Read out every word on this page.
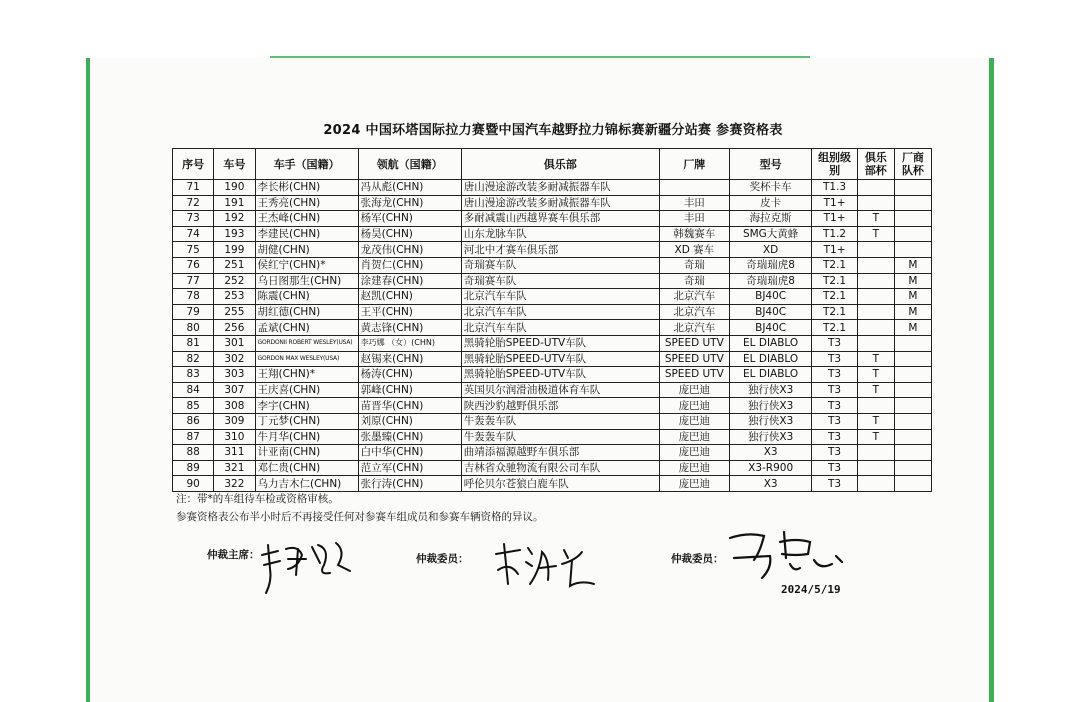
2024 中国环塔国际拉力赛暨中国汽车越野拉力锦标赛新疆分站赛 参赛资格表
序号	车号	车手（国籍）	领航（国籍）	俱乐部	厂牌	型号	组别级别	俱乐部杯	厂商队杯
71	190	李长彬(CHN)	冯从彪(CHN)	唐山漫途游改装多耐减振器车队		奖杯卡车	T1.3		
72	191	王秀亮(CHN)	张海龙(CHN)	唐山漫途游改装多耐减振器车队	丰田	皮卡	T1+		
73	192	王杰峰(CHN)	杨军(CHN)	多耐减震山西越界赛车俱乐部	丰田	海拉克斯	T1+	T	
74	193	李建民(CHN)	杨昊(CHN)	山东龙脉车队	韩魏赛车	SMG大黄蜂	T1.2	T	
75	199	胡健(CHN)	龙茂伟(CHN)	河北中才赛车俱乐部	XD 赛车	XD	T1+		
76	251	侯红宁(CHN)*	肖贺仁(CHN)	奇瑞赛车队	奇瑞	奇瑞瑞虎8	T2.1		M
77	252	乌日图那生(CHN)	涂建春(CHN)	奇瑞赛车队	奇瑞	奇瑞瑞虎8	T2.1		M
78	253	陈震(CHN)	赵凯(CHN)	北京汽车车队	北京汽车	BJ40C	T2.1		M
79	255	胡红德(CHN)	王平(CHN)	北京汽车车队	北京汽车	BJ40C	T2.1		M
80	256	孟斌(CHN)	黄志锋(CHN)	北京汽车车队	北京汽车	BJ40C	T2.1		M
81	301	GORDONII ROBERT WESLEY(USA)	李巧娜 （女）(CHN)	黑骑轮胎SPEED-UTV车队	SPEED UTV	EL DIABLO	T3		
82	302	GORDON MAX WESLEY(USA)	赵锡来(CHN)	黑骑轮胎SPEED-UTV车队	SPEED UTV	EL DIABLO	T3	T	
83	303	王翔(CHN)*	杨涛(CHN)	黑骑轮胎SPEED-UTV车队	SPEED UTV	EL DIABLO	T3	T	
84	307	王庆喜(CHN)	郭峰(CHN)	英国贝尔润滑油极道体育车队	庞巴迪	独行侠X3	T3	T	
85	308	李宇(CHN)	苗晋华(CHN)	陕西沙豹越野俱乐部	庞巴迪	独行侠X3	T3		
86	309	丁元梦(CHN)	刘原(CHN)	牛轰轰车队	庞巴迪	独行侠X3	T3	T	
87	310	牛月华(CHN)	张墨臻(CHN)	牛轰轰车队	庞巴迪	独行侠X3	T3	T	
88	311	计亚南(CHN)	白中华(CHN)	曲靖添福源越野车俱乐部	庞巴迪	X3	T3		
89	321	邓仁贵(CHN)	范立军(CHN)	吉林省众驰物流有限公司车队	庞巴迪	X3-R900	T3		
90	322	乌力吉木仁(CHN)	张行涛(CHN)	呼伦贝尔苍狼白鹿车队	庞巴迪	X3	T3		
注：带*的车组待车检或资格审核。
参赛资格表公布半小时后不再接受任何对参赛车组成员和参赛车辆资格的异议。
仲裁主席：	仲裁委员：	仲裁委员：
2024/5/19
